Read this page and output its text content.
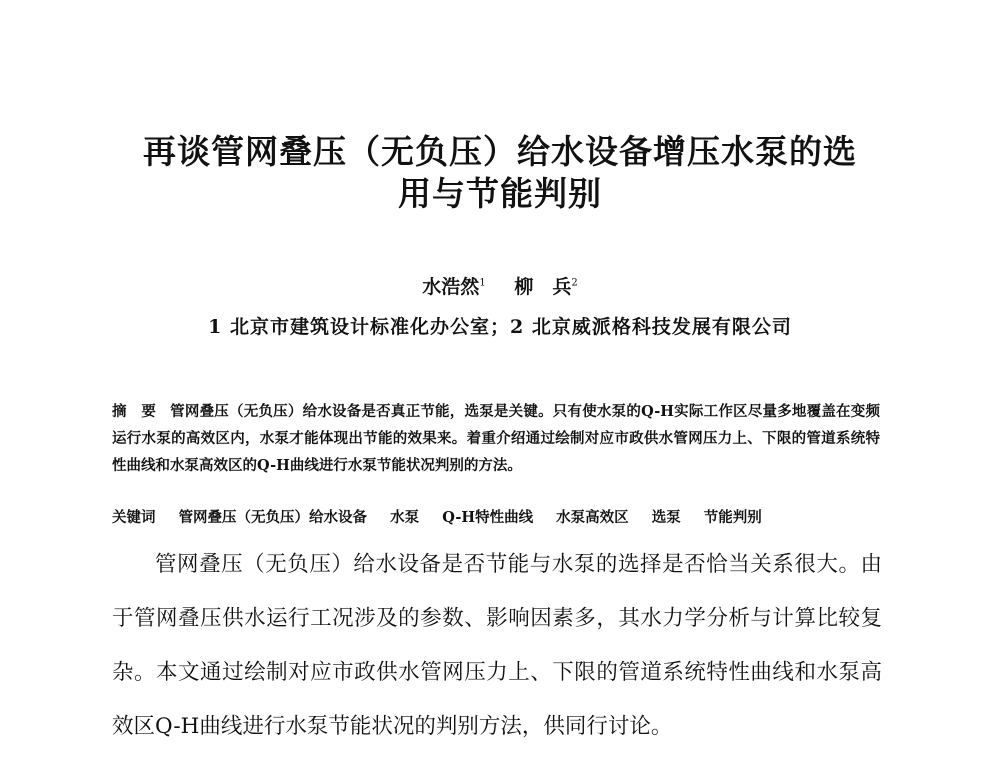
再谈管网叠压（无负压）给水设备增压水泵的选
用与节能判别
水浩然$^1$ 柳　兵$^2$
1 北京市建筑设计标准化办公室；2 北京威派格科技发展有限公司
摘　要 管网叠压（无负压）给水设备是否真正节能，选泵是关键。只有使水泵的Q-H实际工作区尽量多地覆盖在变频运行水泵的高效区内，水泵才能体现出节能的效果来。着重介绍通过绘制对应市政供水管网压力上、下限的管道系统特性曲线和水泵高效区的Q-H曲线进行水泵节能状况判别的方法。
关键词 管网叠压（无负压）给水设备 水泵 Q-H特性曲线 水泵高效区 选泵 节能判别
管网叠压（无负压）给水设备是否节能与水泵的选择是否恰当关系很大。由于管网叠压供水运行工况涉及的参数、影响因素多，其水力学分析与计算比较复杂。本文通过绘制对应市政供水管网压力上、下限的管道系统特性曲线和水泵高效区Q-H曲线进行水泵节能状况的判别方法，供同行讨论。
